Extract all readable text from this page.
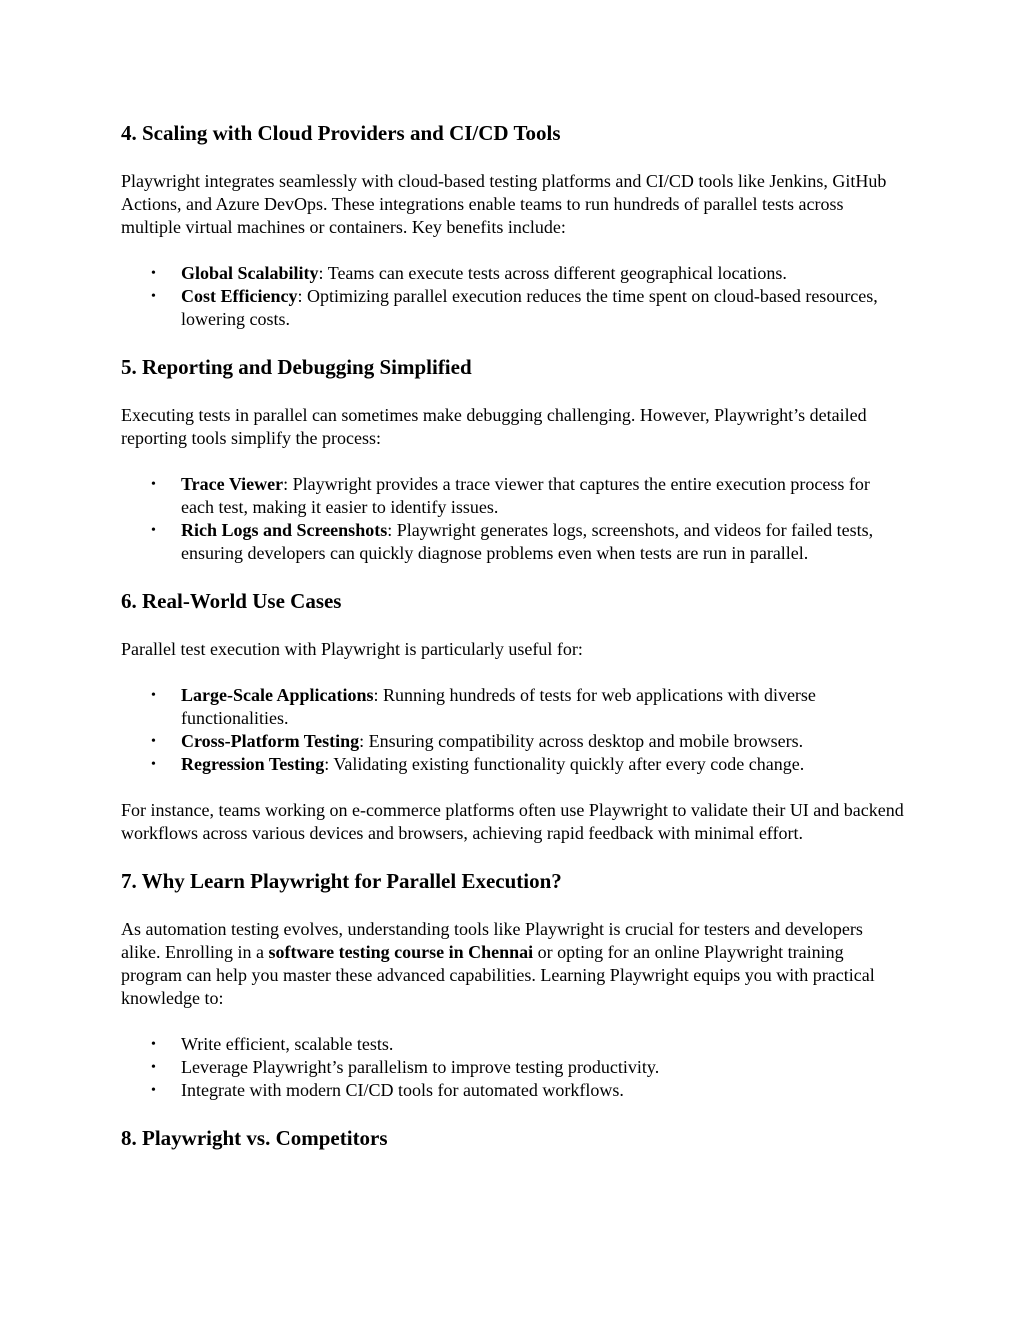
4. Scaling with Cloud Providers and CI/CD Tools

Playwright integrates seamlessly with cloud-based testing platforms and CI/CD tools like Jenkins, GitHub Actions, and Azure DevOps. These integrations enable teams to run hundreds of parallel tests across multiple virtual machines or containers. Key benefits include:

• Global Scalability: Teams can execute tests across different geographical locations.
• Cost Efficiency: Optimizing parallel execution reduces the time spent on cloud-based resources, lowering costs.
5. Reporting and Debugging Simplified

Executing tests in parallel can sometimes make debugging challenging. However, Playwright’s detailed reporting tools simplify the process:

• Trace Viewer: Playwright provides a trace viewer that captures the entire execution process for each test, making it easier to identify issues.
• Rich Logs and Screenshots: Playwright generates logs, screenshots, and videos for failed tests, ensuring developers can quickly diagnose problems even when tests are run in parallel.
6. Real-World Use Cases

Parallel test execution with Playwright is particularly useful for:

• Large-Scale Applications: Running hundreds of tests for web applications with diverse functionalities.
• Cross-Platform Testing: Ensuring compatibility across desktop and mobile browsers.
• Regression Testing: Validating existing functionality quickly after every code change.

For instance, teams working on e-commerce platforms often use Playwright to validate their UI and backend workflows across various devices and browsers, achieving rapid feedback with minimal effort.

7. Why Learn Playwright for Parallel Execution?

As automation testing evolves, understanding tools like Playwright is crucial for testers and developers alike. Enrolling in a software testing course in Chennai or opting for an online Playwright training program can help you master these advanced capabilities. Learning Playwright equips you with practical knowledge to:

• Write efficient, scalable tests.
• Leverage Playwright’s parallelism to improve testing productivity.
• Integrate with modern CI/CD tools for automated workflows.
8. Playwright vs. Competitors
